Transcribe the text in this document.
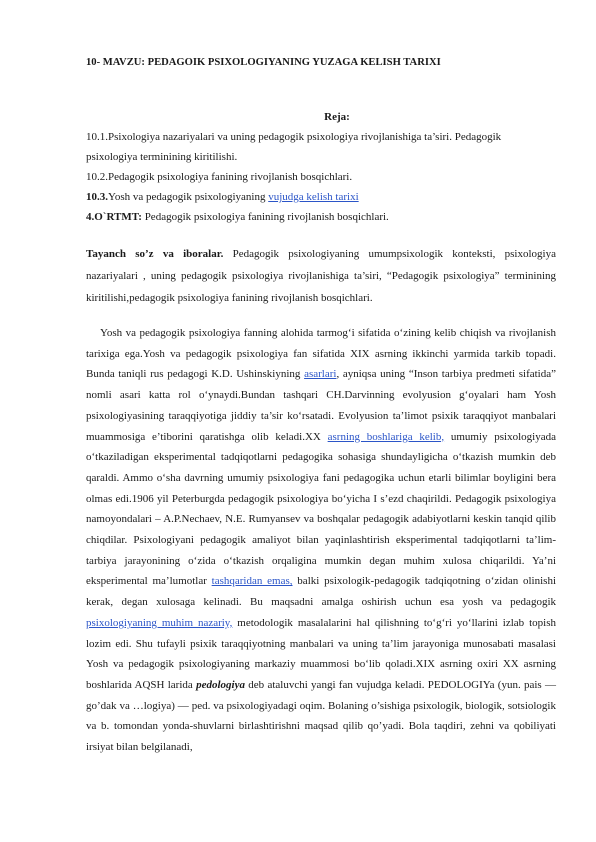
10- MAVZU: PEDAGOIK PSIXOLOGIYANING YUZAGA KELISH TARIXI

Reja:

10.1.Psixologiya nazariyalari va uning pedagogik psixologiya rivojlanishiga ta’siri. Pedagogik
psixologiya terminining kiritilishi.
10.2.Pedagogik psixologiya fanining rivojlanish bosqichlari.
10.3.Yosh va pedagogik psixologiyaning vujudga kelish tarixi
4.O`RTMT: Pedagogik psixologiya fanining rivojlanish bosqichlari.
Tayanch so’z va iboralar. Pedagogik psixologiyaning umumpsixologik konteksti, psixologiya nazariyalari , uning pedagogik psixologiya rivojlanishiga ta’siri, “Pedagogik psixologiya” terminining kiritilishi,pedagogik psixologiya fanining rivojlanish bosqichlari.
Yosh va pedagogik psixologiya fanning alohida tarmog‘i sifatida o‘zining kelib chiqish va rivojlanish tarixiga ega.Yosh va pedagogik psixologiya fan sifatida XIX asrning ikkinchi yarmida tarkib topadi. Bunda taniqli rus pedagogi K.D. Ushinskiyning asarlari, ayniqsa uning “Inson tarbiya predmeti sifatida” nomli asari katta rol o‘ynaydi.Bundan tashqari CH.Darvinning evolyusion g‘oyalari ham Yosh psixologiyasining taraqqiyotiga jiddiy ta’sir ko‘rsatadi. Evolyusion ta’limot psixik taraqqiyot manbalari muammosiga e’tiborini qaratishga olib keladi.XX asrning boshlariga kelib, umumiy psixologiyada o‘tkaziladigan eksperimental tadqiqotlarni pedagogika sohasiga shundayligicha o‘tkazish mumkin deb qaraldi. Ammo o‘sha davrning umumiy psixologiya fani pedagogika uchun etarli bilimlar boyligini bera olmas edi.1906 yil Peterburgda pedagogik psixologiya bo‘yicha I s’ezd chaqirildi. Pedagogik psixologiya namoyondalari – A.P.Nechaev, N.E. Rumyansev va boshqalar pedagogik adabiyotlarni keskin tanqid qilib chiqdilar. Psixologiyani pedagogik amaliyot bilan yaqinlashtirish eksperimental tadqiqotlarni ta’lim-tarbiya jarayonining o‘zida o‘tkazish orqaligina mumkin degan muhim xulosa chiqarildi. Ya’ni eksperimental ma’lumotlar tashqaridan emas, balki psixologik-pedagogik tadqiqotning o‘zidan olinishi kerak, degan xulosaga kelinadi. Bu maqsadni amalga oshirish uchun esa yosh va pedagogik psixologiyaning muhim nazariy, metodologik masalalarini hal qilishning to‘g‘ri yo‘llarini izlab topish lozim edi. Shu tufayli psixik taraqqiyotning manbalari va uning ta’lim jarayoniga munosabati masalasi Yosh va pedagogik psixologiyaning markaziy muammosi bo‘lib qoladi.XIX asrning oxiri XX asrning boshlarida AQSH larida pedologiya deb ataluvchi yangi fan vujudga keladi. PEDOLOGIYa (yun. pais — go’dak va …logiya) — ped. va psixologiyadagi oqim. Bolaning o’sishiga psixologik, biologik, sotsiologik va b. tomondan yonda-shuvlarni birlashtirishni maqsad qilib qo’yadi. Bola taqdiri, zehni va qobiliyati irsiyat bilan belgilanadi,
